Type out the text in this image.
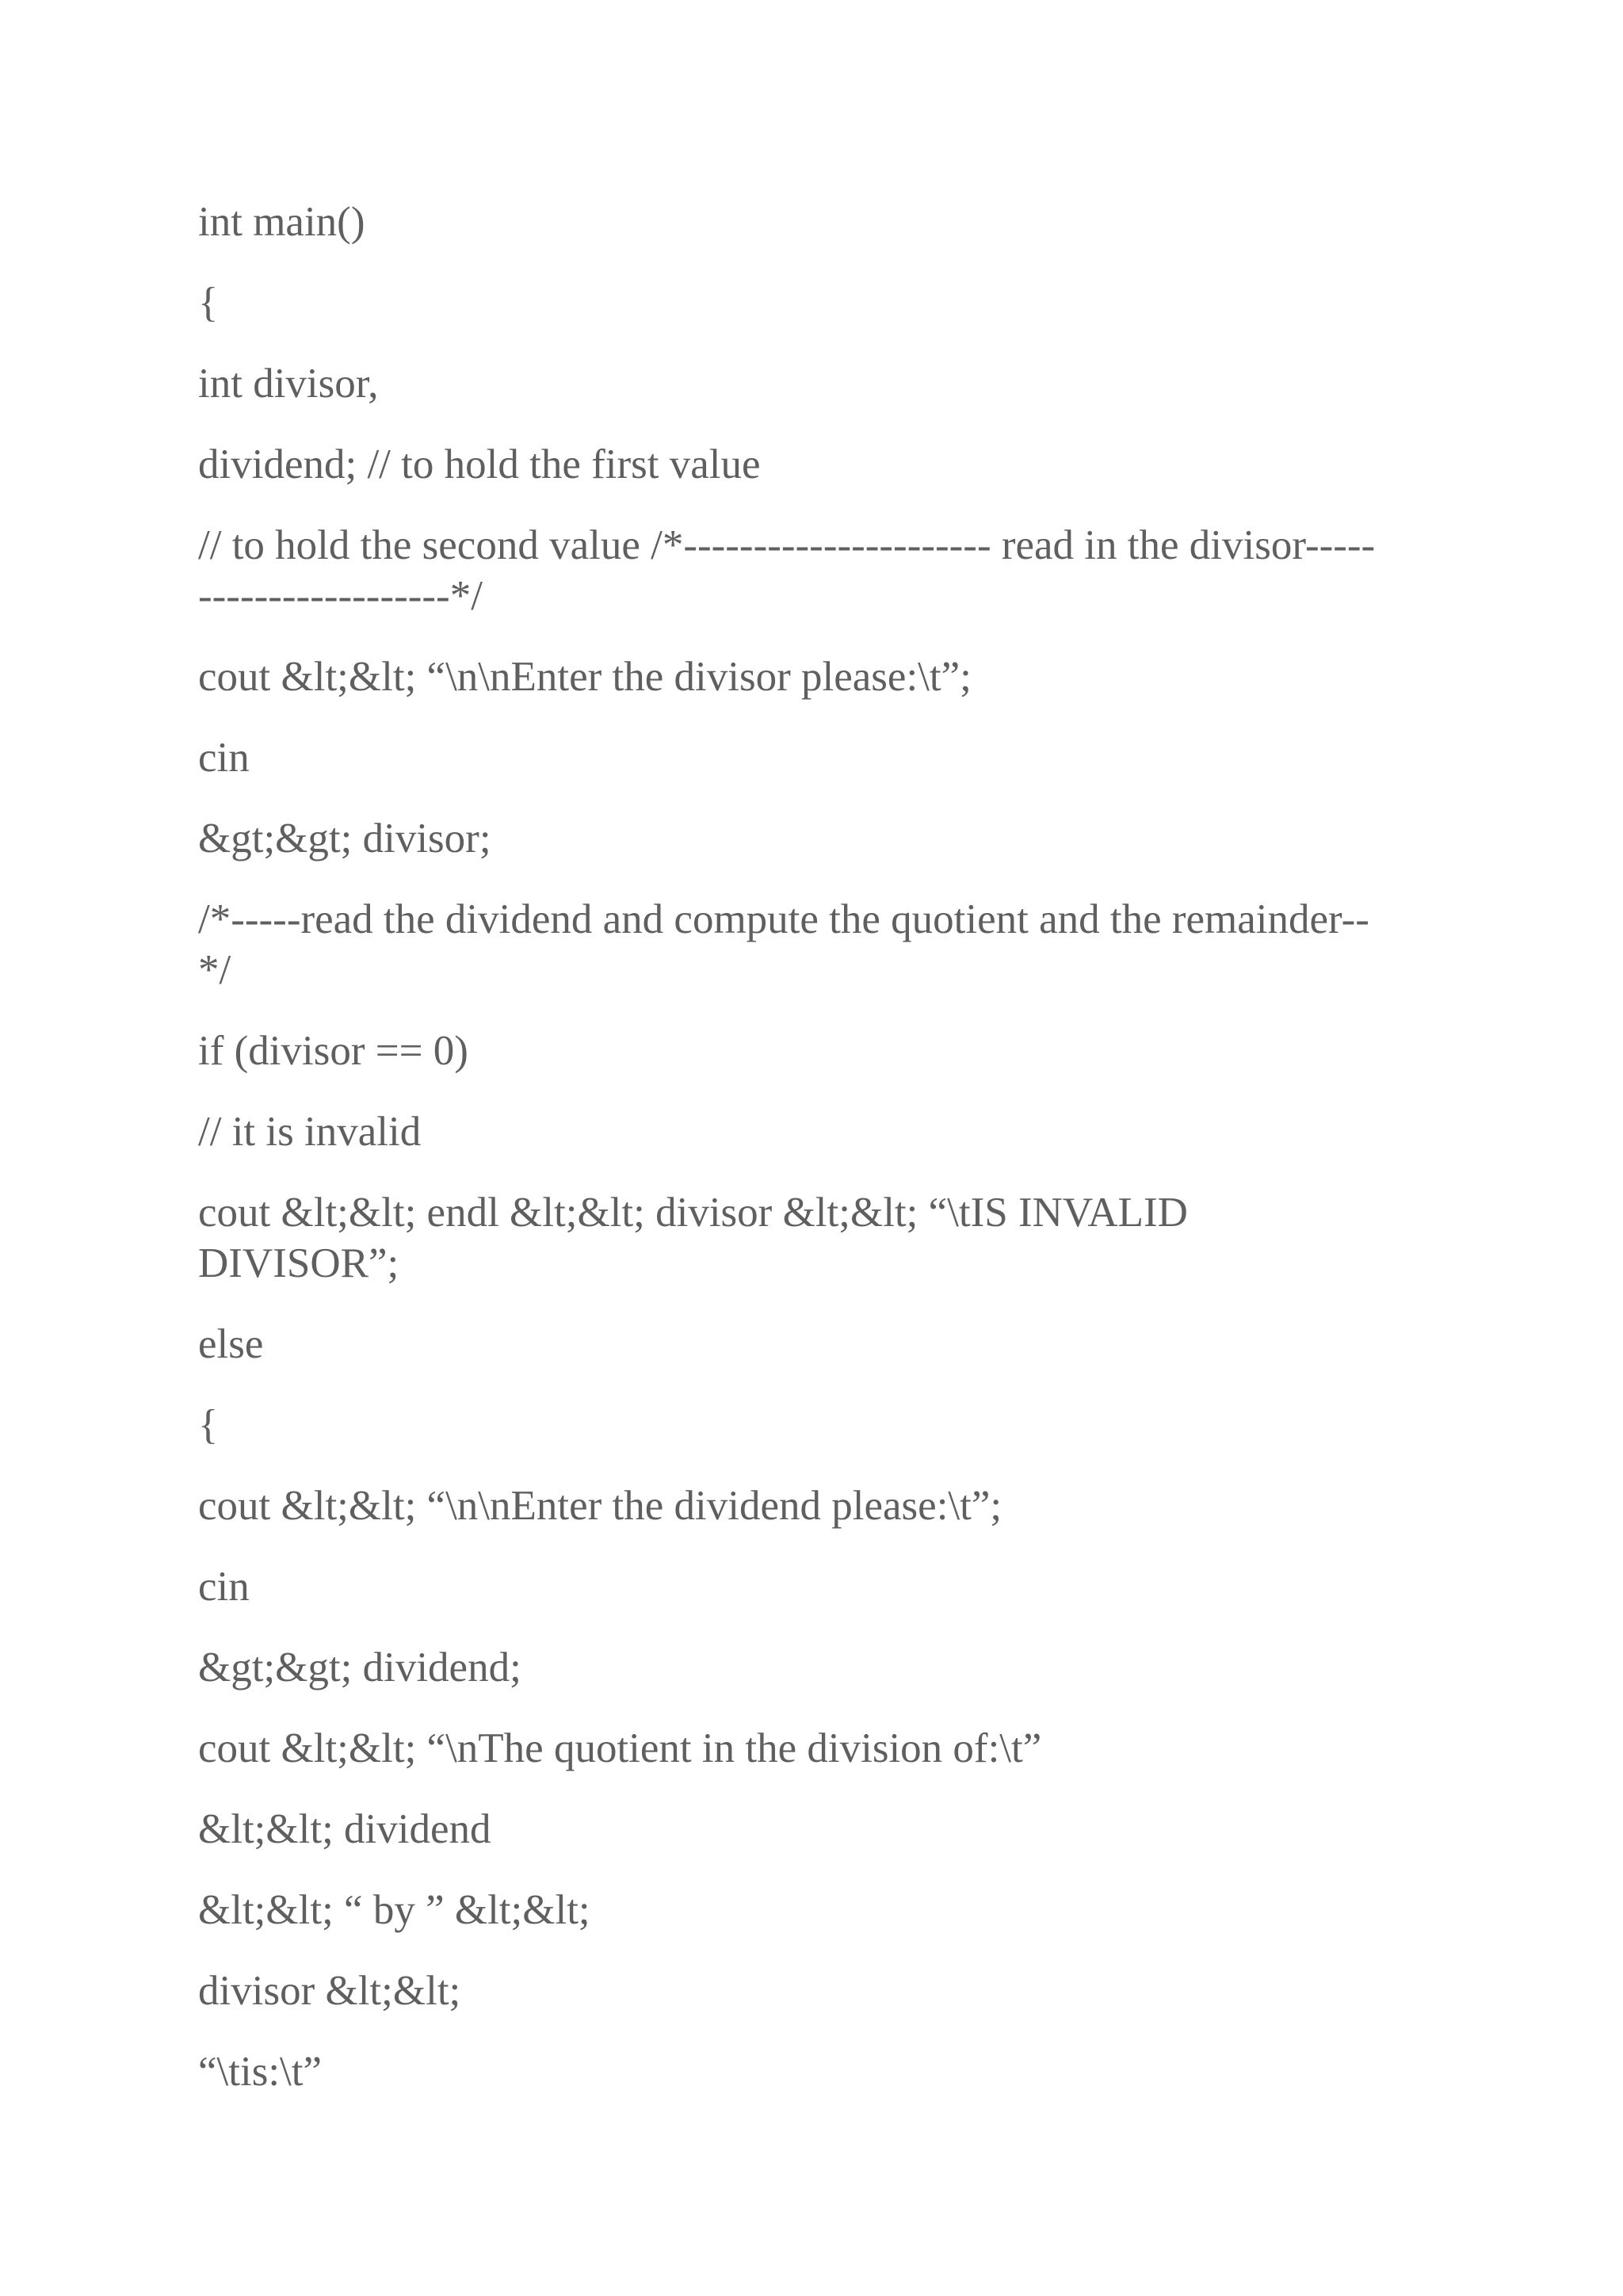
int main()

{

int divisor,

dividend; // to hold the first value

// to hold the second value /*---------------------- read in the divisor-----
------------------*/

cout &lt;&lt; “\n\nEnter the divisor please:\t”;

cin

&gt;&gt; divisor;

/*-----read the dividend and compute the quotient and the remainder--
*/

if (divisor == 0)

// it is invalid

cout &lt;&lt; endl &lt;&lt; divisor &lt;&lt; “\tIS INVALID
DIVISOR”;

else

{

cout &lt;&lt; “\n\nEnter the dividend please:\t”;

cin

&gt;&gt; dividend;

cout &lt;&lt; “\nThe quotient in the division of:\t”

&lt;&lt; dividend

&lt;&lt; “ by ” &lt;&lt;

divisor &lt;&lt;

“\tis:\t”
